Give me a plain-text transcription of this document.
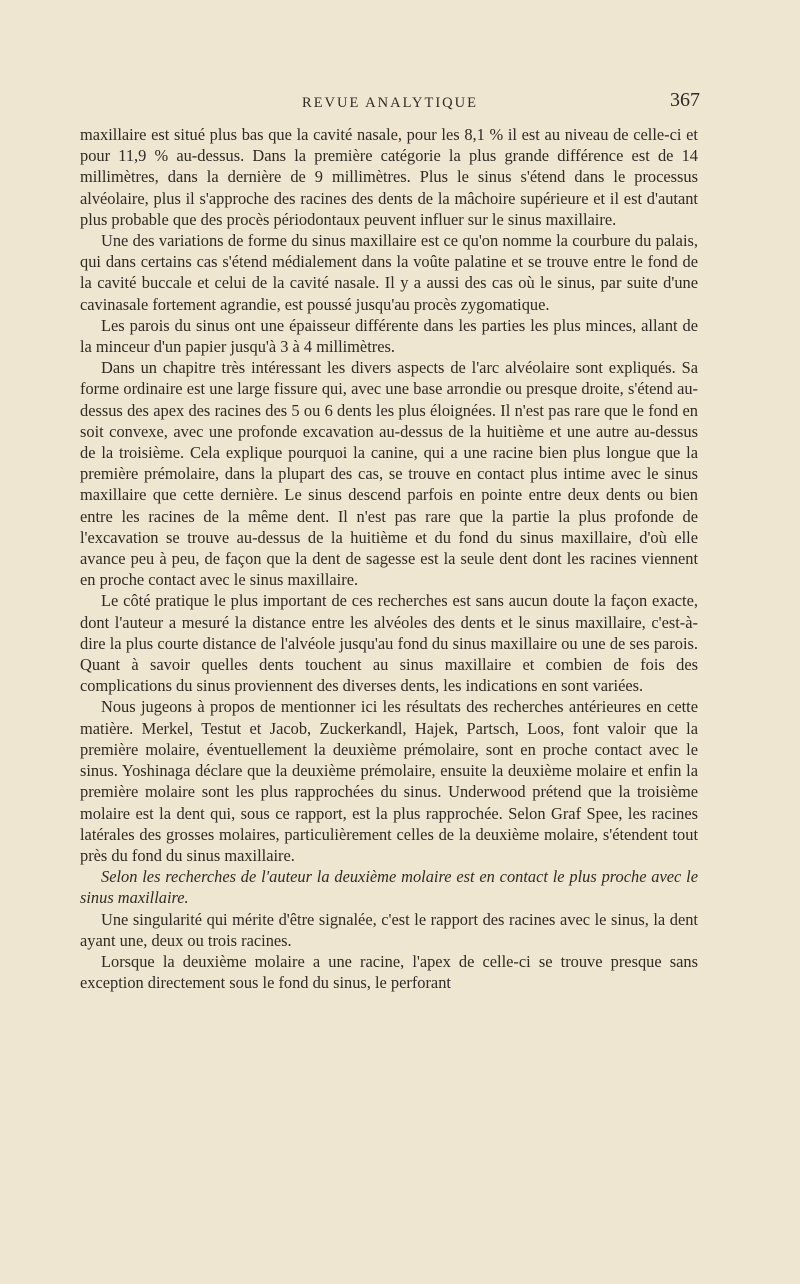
REVUE ANALYTIQUE	367

maxillaire est situé plus bas que la cavité nasale, pour les 8,1 % il est au niveau de celle-ci et pour 11,9 % au-dessus. Dans la première catégorie la plus grande différence est de 14 millimètres, dans la dernière de 9 millimètres. Plus le sinus s'étend dans le processus alvéolaire, plus il s'approche des racines des dents de la mâchoire supérieure et il est d'autant plus probable que des procès périodontaux peuvent influer sur le sinus maxillaire.

Une des variations de forme du sinus maxillaire est ce qu'on nomme la courbure du palais, qui dans certains cas s'étend médialement dans la voûte palatine et se trouve entre le fond de la cavité buccale et celui de la cavité nasale. Il y a aussi des cas où le sinus, par suite d'une cavinasale fortement agrandie, est poussé jusqu'au procès zygomatique.

Les parois du sinus ont une épaisseur différente dans les parties les plus minces, allant de la minceur d'un papier jusqu'à 3 à 4 millimètres.

Dans un chapitre très intéressant les divers aspects de l'arc alvéolaire sont expliqués. Sa forme ordinaire est une large fissure qui, avec une base arrondie ou presque droite, s'étend au-dessus des apex des racines des 5 ou 6 dents les plus éloignées. Il n'est pas rare que le fond en soit convexe, avec une profonde excavation au-dessus de la huitième et une autre au-dessus de la troisième. Cela explique pourquoi la canine, qui a une racine bien plus longue que la première prémolaire, dans la plupart des cas, se trouve en contact plus intime avec le sinus maxillaire que cette dernière. Le sinus descend parfois en pointe entre deux dents ou bien entre les racines de la même dent. Il n'est pas rare que la partie la plus profonde de l'excavation se trouve au-dessus de la huitième et du fond du sinus maxillaire, d'où elle avance peu à peu, de façon que la dent de sagesse est la seule dent dont les racines viennent en proche contact avec le sinus maxillaire.

Le côté pratique le plus important de ces recherches est sans aucun doute la façon exacte, dont l'auteur a mesuré la distance entre les alvéoles des dents et le sinus maxillaire, c'est-à-dire la plus courte distance de l'alvéole jusqu'au fond du sinus maxillaire ou une de ses parois. Quant à savoir quelles dents touchent au sinus maxillaire et combien de fois des complications du sinus proviennent des diverses dents, les indications en sont variées.

Nous jugeons à propos de mentionner ici les résultats des recherches antérieures en cette matière. Merkel, Testut et Jacob, Zuckerkandl, Hajek, Partsch, Loos, font valoir que la première molaire, éventuellement la deuxième prémolaire, sont en proche contact avec le sinus. Yoshinaga déclare que la deuxième prémolaire, ensuite la deuxième molaire et enfin la première molaire sont les plus rapprochées du sinus. Underwood prétend que la troisième molaire est la dent qui, sous ce rapport, est la plus rapprochée. Selon Graf Spee, les racines latérales des grosses molaires, particulièrement celles de la deuxième molaire, s'étendent tout près du fond du sinus maxillaire.

Selon les recherches de l'auteur la deuxième molaire est en contact le plus proche avec le sinus maxillaire.

Une singularité qui mérite d'être signalée, c'est le rapport des racines avec le sinus, la dent ayant une, deux ou trois racines.

Lorsque la deuxième molaire a une racine, l'apex de celle-ci se trouve presque sans exception directement sous le fond du sinus, le perforant
